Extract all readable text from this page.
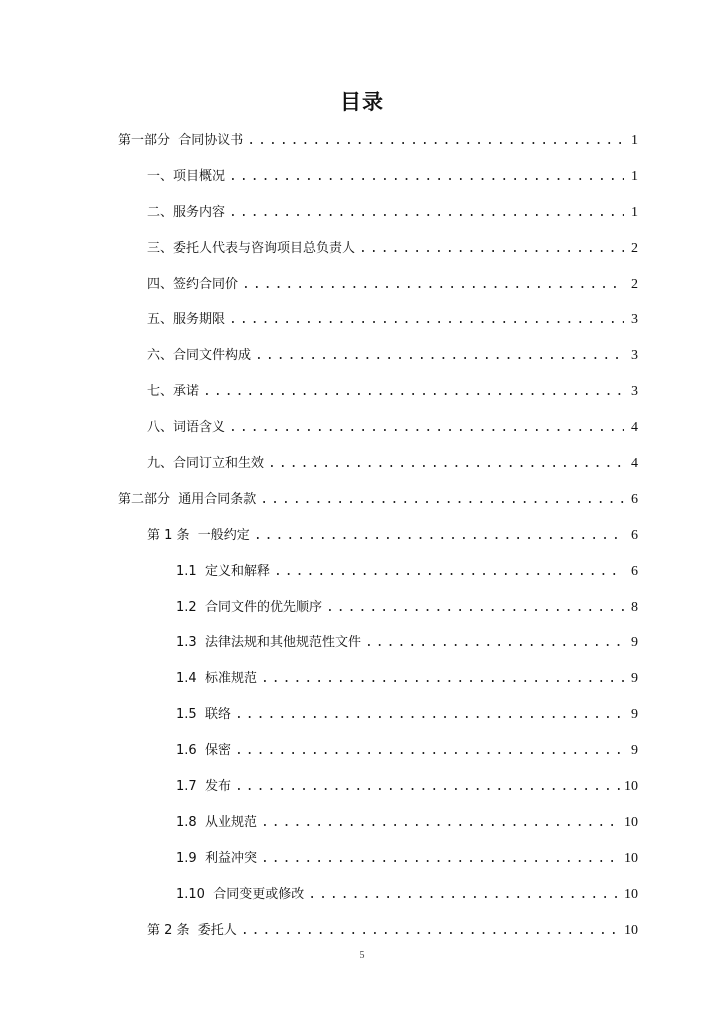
目录
第一部分  合同协议书 . . .	1
一、项目概况 . . .	1
二、服务内容 . . .	1
三、委托人代表与咨询项目总负责人 . . .	2
四、签约合同价 . . .	2
五、服务期限 . . .	3
六、合同文件构成 . . .	3
七、承诺 . . .	3
八、词语含义 . . .	4
九、合同订立和生效 . . .	4
第二部分  通用合同条款 . . .	6
第 1 条  一般约定 . . .	6
1.1  定义和解释 . . .	6
1.2  合同文件的优先顺序 . . .	8
1.3  法律法规和其他规范性文件 . . .	9
1.4  标准规范 . . .	9
1.5  联络 . . .	9
1.6  保密 . . .	9
1.7  发布 . . .	10
1.8  从业规范 . . .	10
1.9  利益冲突 . . .	10
1.10  合同变更或修改 . . .	10
第 2 条  委托人 . . .	10
5
